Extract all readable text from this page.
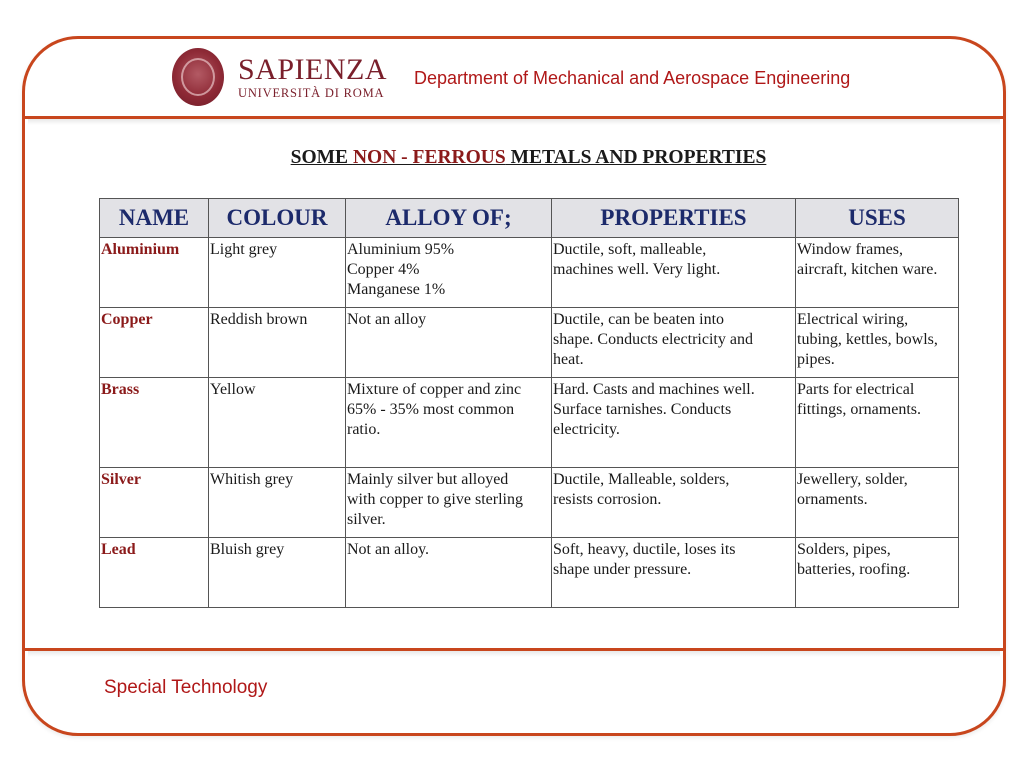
SAPIENZA
UNIVERSITÀ DI ROMA
Department of Mechanical and Aerospace Engineering
SOME NON - FERROUS METALS AND PROPERTIES
NAME	COLOUR	ALLOY OF;	PROPERTIES	USES
Aluminium	Light grey	Aluminium 95%
Copper 4%
Manganese 1%	Ductile, soft, malleable,
machines well. Very light.	Window frames,
aircraft, kitchen ware.

Copper	Reddish brown	Not an alloy	Ductile, can be beaten into
shape. Conducts electricity and
heat.	Electrical wiring,
tubing, kettles, bowls,
pipes.

Brass	Yellow	Mixture of copper and zinc
65% - 35% most common
ratio.	Hard. Casts and machines well.
Surface tarnishes. Conducts
electricity.	Parts for electrical
fittings, ornaments.

Silver	Whitish grey	Mainly silver but alloyed
with copper to give sterling
silver.	Ductile, Malleable, solders,
resists corrosion.	Jewellery, solder,
ornaments.

Lead	Bluish grey	Not an alloy.	Soft, heavy, ductile, loses its
shape under pressure.	Solders, pipes,
batteries, roofing.
Special Technology
